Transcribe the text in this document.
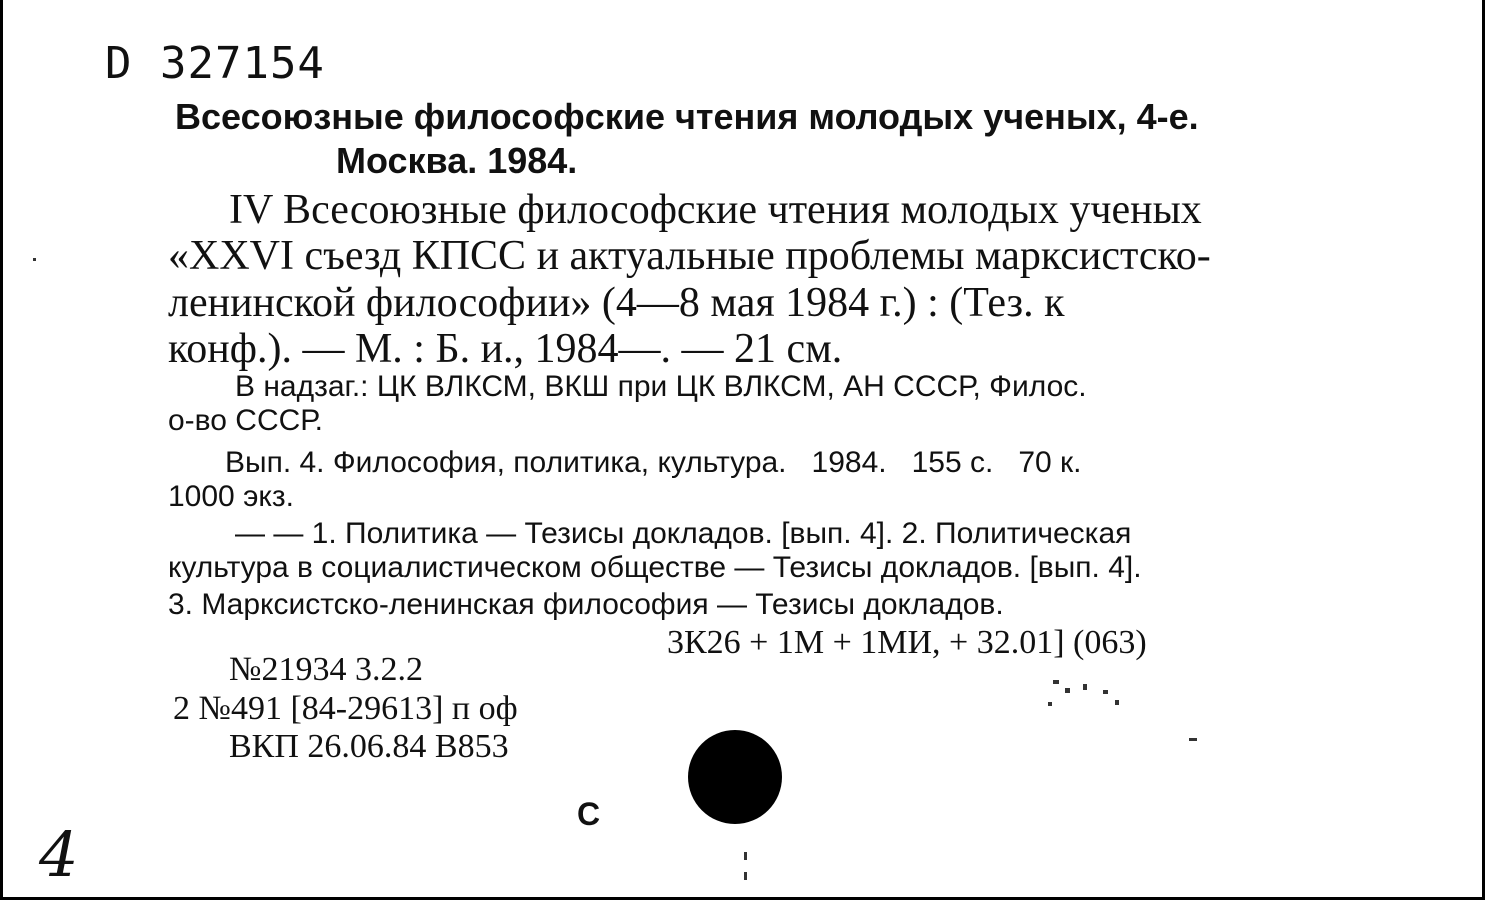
D 327154
Всесоюзные философские чтения молодых ученых, 4-е.
Москва. 1984.
IV Всесоюзные философские чтения молодых ученых
«XXVI съезд КПСС и актуальные проблемы марксистско-
ленинской философии» (4—8 мая 1984 г.) : (Тез. к
конф.). — М. : Б. и., 1984—. — 21 см.
В надзаг.: ЦК ВЛКСМ, ВКШ при ЦК ВЛКСМ, АН СССР, Филос.
о-во СССР.
Вып. 4. Философия, политика, культура.   1984.   155 с.   70 к.
1000 экз.
— — 1. Политика — Тезисы докладов. [вып. 4]. 2. Политическая
культура в социалистическом обществе — Тезисы докладов. [вып. 4].
3. Марксистско-ленинская философия — Тезисы докладов.
3К26 + 1М + 1МИ, + 32.01] (063)
№21934 3.2.2
2 №491 [84-29613] п оф
ВКП 26.06.84 В853
С
4
